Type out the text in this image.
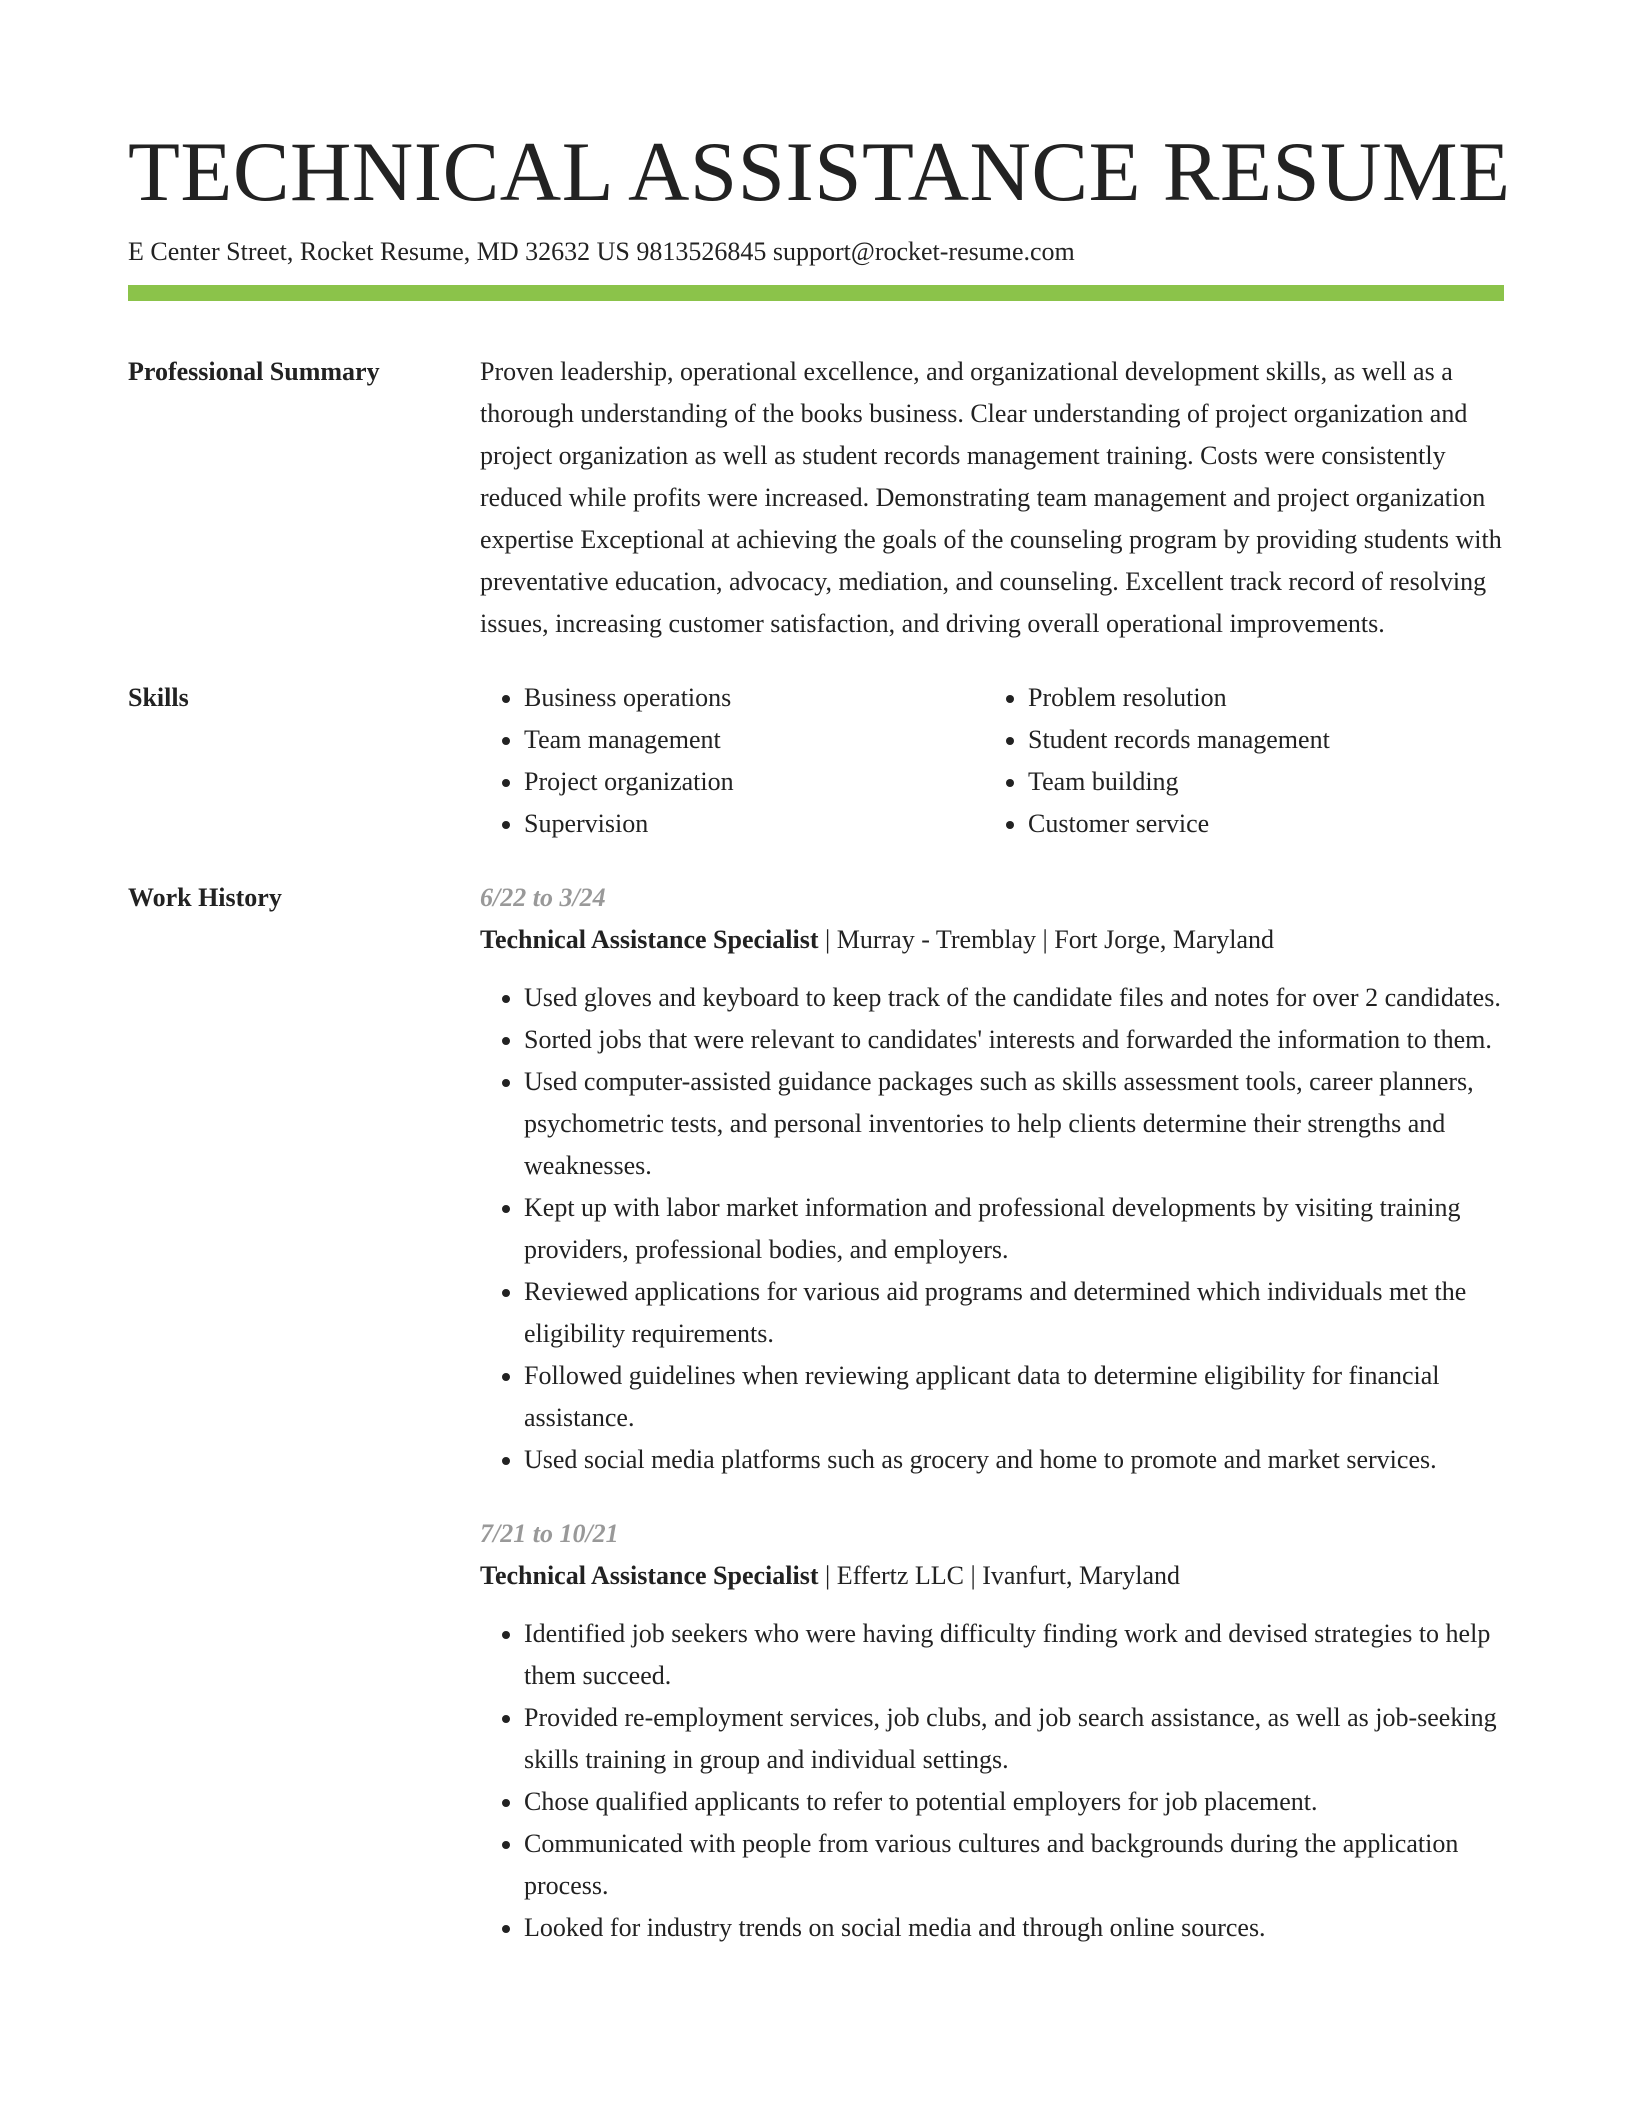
TECHNICAL ASSISTANCE RESUME
E Center Street, Rocket Resume, MD 32632 US 9813526845 support@rocket-resume.com
Professional Summary	Proven leadership, operational excellence, and organizational development skills, as well as a thorough understanding of the books business. Clear understanding of project organization and project organization as well as student records management training. Costs were consistently reduced while profits were increased. Demonstrating team management and project organization expertise Exceptional at achieving the goals of the counseling program by providing students with preventative education, advocacy, mediation, and counseling. Excellent track record of resolving issues, increasing customer satisfaction, and driving overall operational improvements.

Skills
•	Business operations
• Team management
• Project organization
• Supervision
• Problem resolution
• Student records management
• Team building
• Customer service
Work History	6/22 to 3/24
Technical Assistance Specialist | Murray - Tremblay | Fort Jorge, Maryland
• Used gloves and keyboard to keep track of the candidate files and notes for over 2 candidates.
• Sorted jobs that were relevant to candidates' interests and forwarded the information to them.
• Used computer-assisted guidance packages such as skills assessment tools, career planners, psychometric tests, and personal inventories to help clients determine their strengths and weaknesses.
• Kept up with labor market information and professional developments by visiting training providers, professional bodies, and employers.
• Reviewed applications for various aid programs and determined which individuals met the eligibility requirements.
• Followed guidelines when reviewing applicant data to determine eligibility for financial assistance.
• Used social media platforms such as grocery and home to promote and market services.
7/21 to 10/21
Technical Assistance Specialist | Effertz LLC | Ivanfurt, Maryland
• Identified job seekers who were having difficulty finding work and devised strategies to help them succeed.
• Provided re-employment services, job clubs, and job search assistance, as well as job-seeking skills training in group and individual settings.
• Chose qualified applicants to refer to potential employers for job placement.
• Communicated with people from various cultures and backgrounds during the application process.
• Looked for industry trends on social media and through online sources.
